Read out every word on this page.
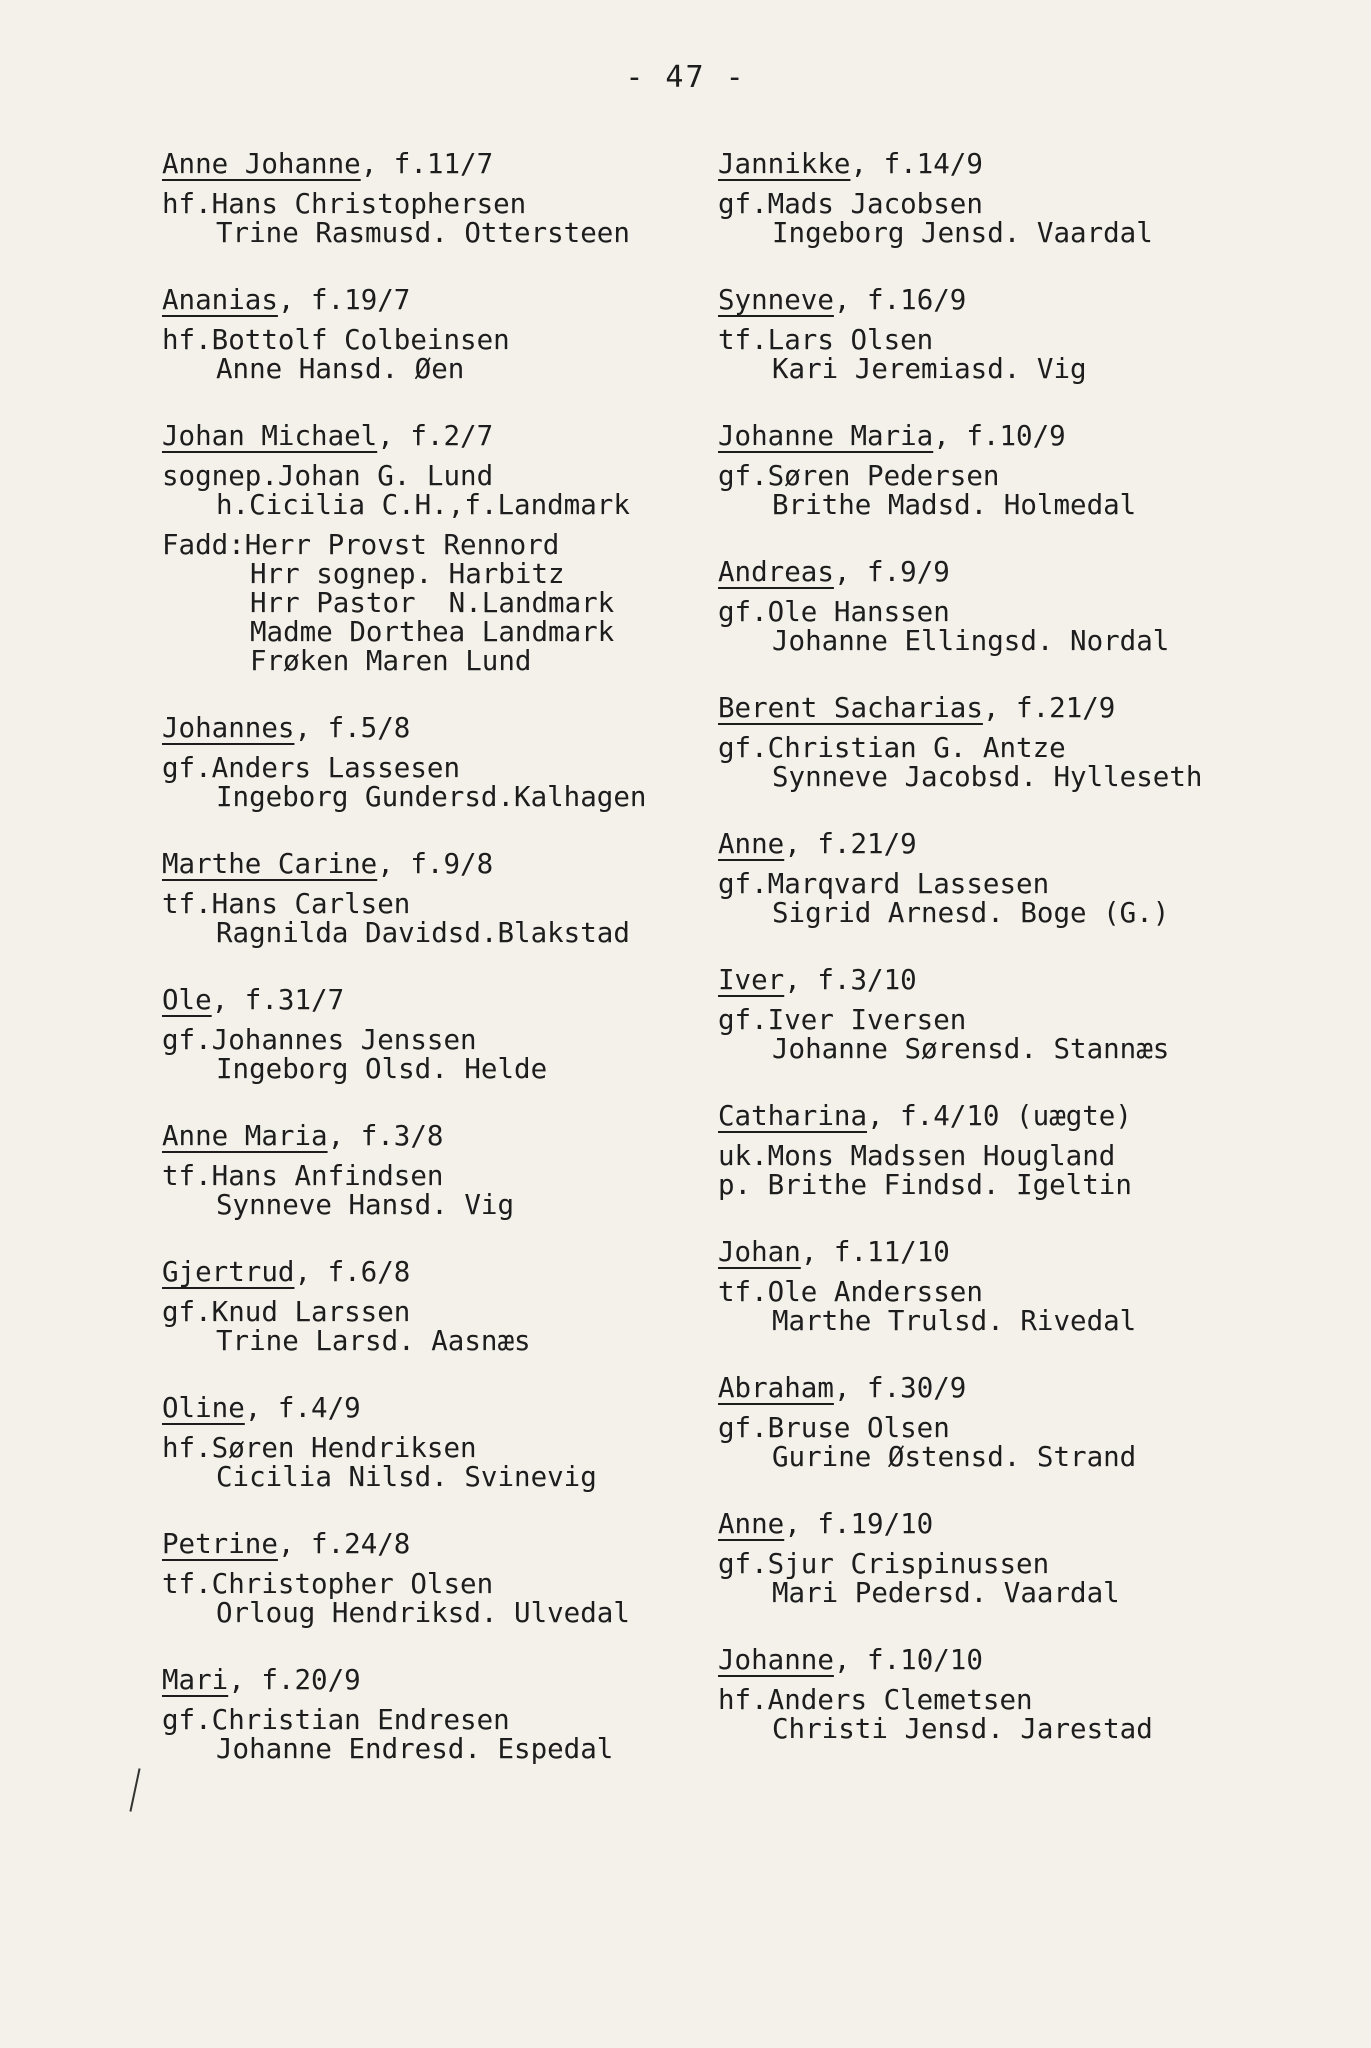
- 47 -
Anne Johanne, f.11/7
hf.Hans Christophersen
Trine Rasmusd. Ottersteen
Ananias, f.19/7
hf.Bottolf Colbeinsen
Anne Hansd. Øen
Johan Michael, f.2/7
sognep.Johan G. Lund
h.Cicilia C.H.,f.Landmark
Fadd:Herr Provst Rennord
Hrr sognep. Harbitz
Hrr Pastor  N.Landmark
Madme Dorthea Landmark
Frøken Maren Lund
Johannes, f.5/8
gf.Anders Lassesen
Ingeborg Gundersd.Kalhagen
Marthe Carine, f.9/8
tf.Hans Carlsen
Ragnilda Davidsd.Blakstad
Ole, f.31/7
gf.Johannes Jenssen
Ingeborg Olsd. Helde
Anne Maria, f.3/8
tf.Hans Anfindsen
Synneve Hansd. Vig
Gjertrud, f.6/8
gf.Knud Larssen
Trine Larsd. Aasnæs
Oline, f.4/9
hf.Søren Hendriksen
Cicilia Nilsd. Svinevig
Petrine, f.24/8
tf.Christopher Olsen
Orloug Hendriksd. Ulvedal
Mari, f.20/9
gf.Christian Endresen
Johanne Endresd. Espedal
Jannikke, f.14/9
gf.Mads Jacobsen
Ingeborg Jensd. Vaardal
Synneve, f.16/9
tf.Lars Olsen
Kari Jeremiasd. Vig
Johanne Maria, f.10/9
gf.Søren Pedersen
Brithe Madsd. Holmedal
Andreas, f.9/9
gf.Ole Hanssen
Johanne Ellingsd. Nordal
Berent Sacharias, f.21/9
gf.Christian G. Antze
Synneve Jacobsd. Hylleseth
Anne, f.21/9
gf.Marqvard Lassesen
Sigrid Arnesd. Boge (G.)
Iver, f.3/10
gf.Iver Iversen
Johanne Sørensd. Stannæs
Catharina, f.4/10 (uægte)
uk.Mons Madssen Hougland
p. Brithe Findsd. Igeltin
Johan, f.11/10
tf.Ole Anderssen
Marthe Trulsd. Rivedal
Abraham, f.30/9
gf.Bruse Olsen
Gurine Østensd. Strand
Anne, f.19/10
gf.Sjur Crispinussen
Mari Pedersd. Vaardal
Johanne, f.10/10
hf.Anders Clemetsen
Christi Jensd. Jarestad
